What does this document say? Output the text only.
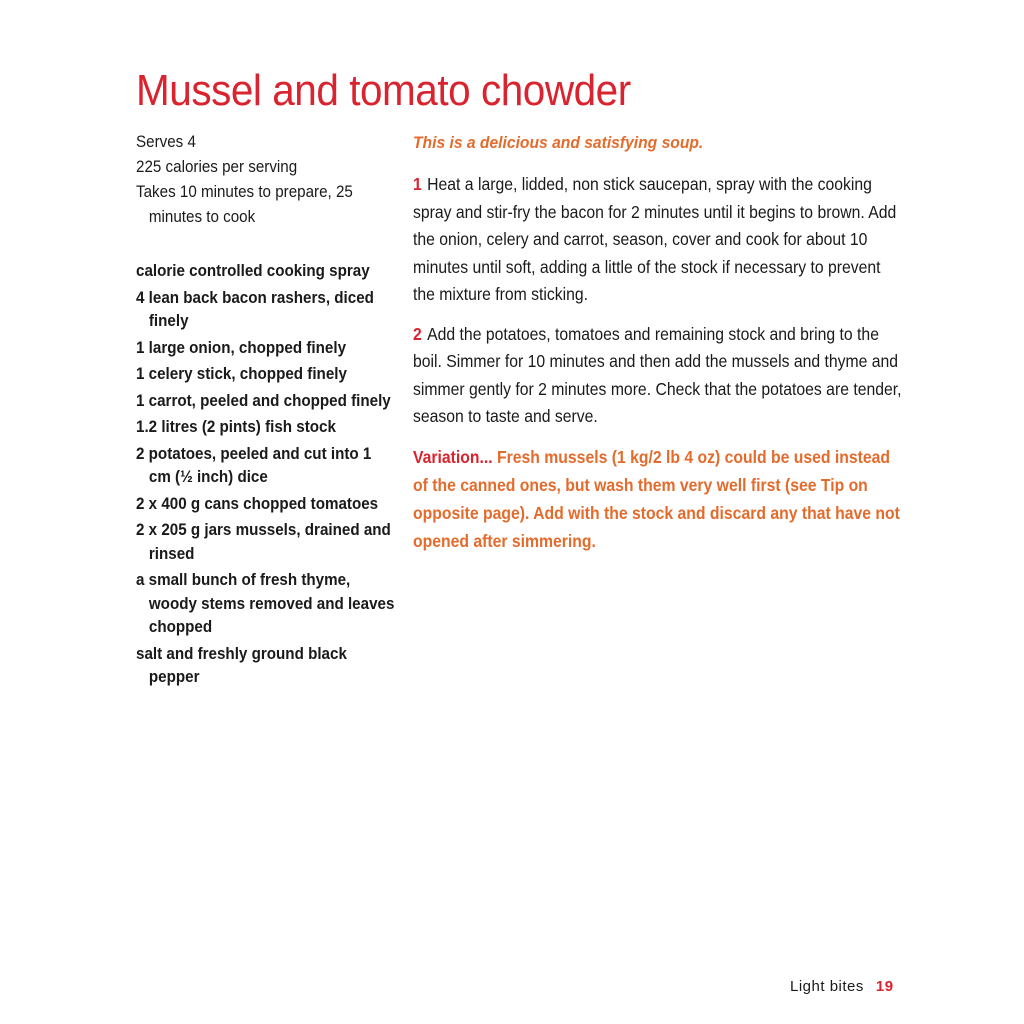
Mussel and tomato chowder
Serves 4
225 calories per serving
Takes 10 minutes to prepare, 25 minutes to cook
calorie controlled cooking spray
4 lean back bacon rashers, diced finely
1 large onion, chopped finely
1 celery stick, chopped finely
1 carrot, peeled and chopped finely
1.2 litres (2 pints) fish stock
2 potatoes, peeled and cut into 1 cm (½ inch) dice
2 x 400 g cans chopped tomatoes
2 x 205 g jars mussels, drained and rinsed
a small bunch of fresh thyme, woody stems removed and leaves chopped
salt and freshly ground black pepper

This is a delicious and satisfying soup.

1 Heat a large, lidded, non stick saucepan, spray with the cooking spray and stir-fry the bacon for 2 minutes until it begins to brown. Add the onion, celery and carrot, season, cover and cook for about 10 minutes until soft, adding a little of the stock if necessary to prevent the mixture from sticking.

2 Add the potatoes, tomatoes and remaining stock and bring to the boil. Simmer for 10 minutes and then add the mussels and thyme and simmer gently for 2 minutes more. Check that the potatoes are tender, season to taste and serve.

Variation... Fresh mussels (1 kg/2 lb 4 oz) could be used instead of the canned ones, but wash them very well first (see Tip on opposite page). Add with the stock and discard any that have not opened after simmering.

Light bites 19
